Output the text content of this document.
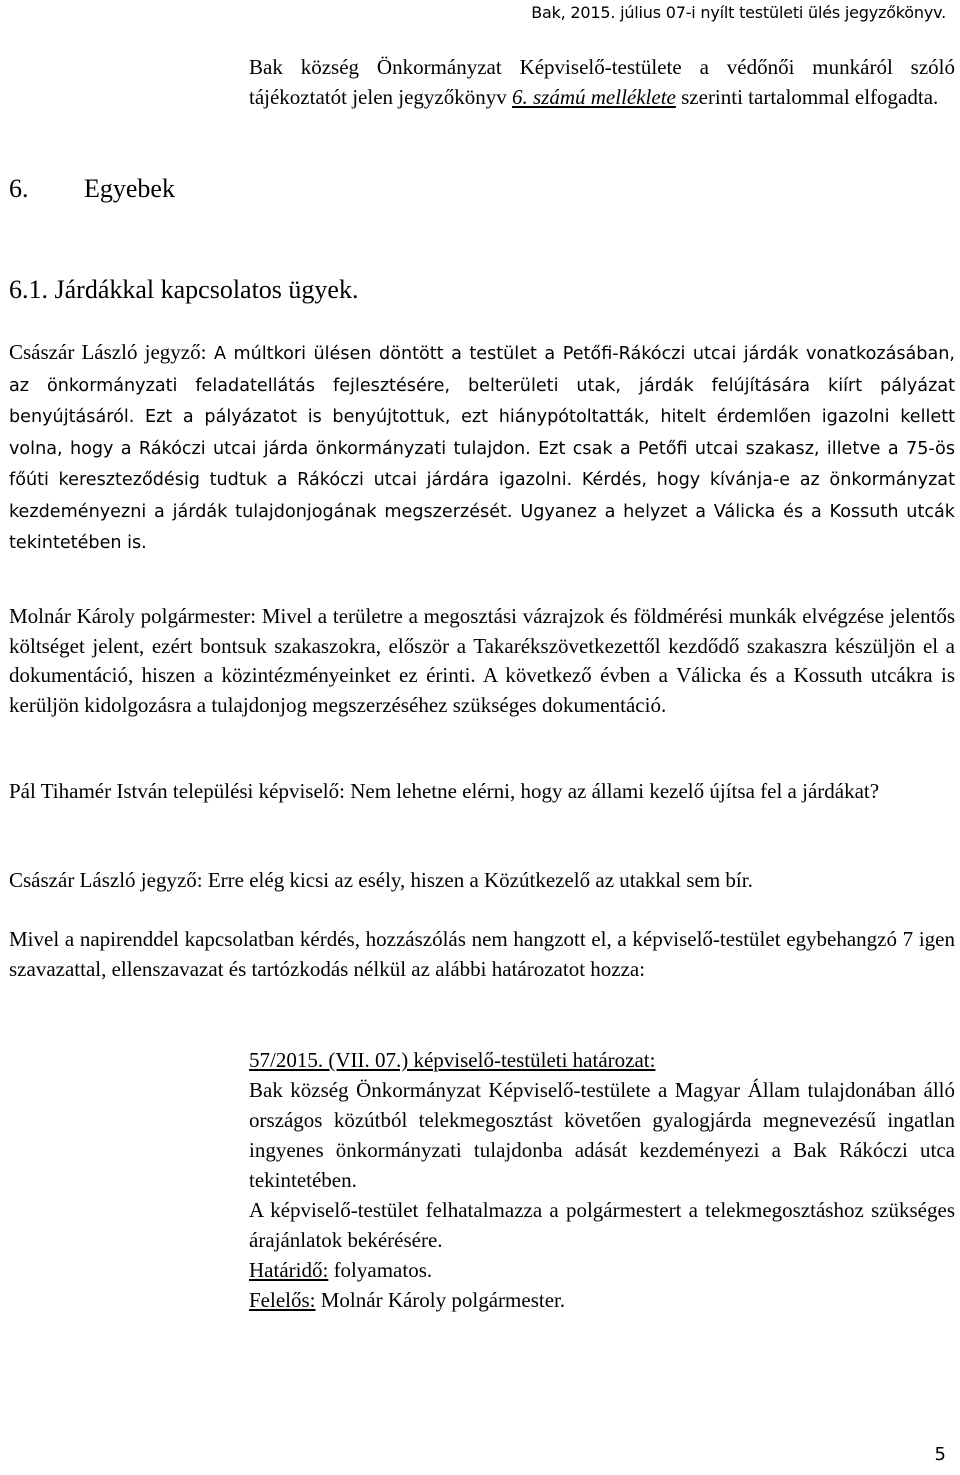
Bak, 2015. július 07-i nyílt testületi ülés jegyzőkönyv.
Bak község Önkormányzat Képviselő-testülete a védőnői munkáról szóló tájékoztatót jelen jegyzőkönyv 6. számú melléklete szerinti tartalommal elfogadta.
6. Egyebek
6.1. Járdákkal kapcsolatos ügyek.
Császár László jegyző: A múltkori ülésen döntött a testület a Petőfi-Rákóczi utcai járdák vonatkozásában, az önkormányzati feladatellátás fejlesztésére, belterületi utak, járdák felújítására kiírt pályázat benyújtásáról. Ezt a pályázatot is benyújtottuk, ezt hiánypótoltatták, hitelt érdemlően igazolni kellett volna, hogy a Rákóczi utcai járda önkormányzati tulajdon. Ezt csak a Petőfi utcai szakasz, illetve a 75-ös főúti kereszteződésig tudtuk a Rákóczi utcai járdára igazolni. Kérdés, hogy kívánja-e az önkormányzat kezdeményezni a járdák tulajdonjogának megszerzését. Ugyanez a helyzet a Válicka és a Kossuth utcák tekintetében is.
Molnár Károly polgármester: Mivel a területre a megosztási vázrajzok és földmérési munkák elvégzése jelentős költséget jelent, ezért bontsuk szakaszokra, először a Takarékszövetkezettől kezdődő szakaszra készüljön el a dokumentáció, hiszen a közintézményeinket ez érinti. A következő évben a Válicka és a Kossuth utcákra is kerüljön kidolgozásra a tulajdonjog megszerzéséhez szükséges dokumentáció.
Pál Tihamér István települési képviselő: Nem lehetne elérni, hogy az állami kezelő újítsa fel a járdákat?
Császár László jegyző: Erre elég kicsi az esély, hiszen a Közútkezelő az utakkal sem bír.
Mivel a napirenddel kapcsolatban kérdés, hozzászólás nem hangzott el, a képviselő-testület egybehangzó 7 igen szavazattal, ellenszavazat és tartózkodás nélkül az alábbi határozatot hozza:
57/2015. (VII. 07.) képviselő-testületi határozat:
Bak község Önkormányzat Képviselő-testülete a Magyar Állam tulajdonában álló országos közútból telekmegosztást követően gyalogjárda megnevezésű ingatlan ingyenes önkormányzati tulajdonba adását kezdeményezi a Bak Rákóczi utca tekintetében.
A képviselő-testület felhatalmazza a polgármestert a telekmegosztáshoz szükséges árajánlatok bekérésére.
Határidő: folyamatos.
Felelős: Molnár Károly polgármester.
5
